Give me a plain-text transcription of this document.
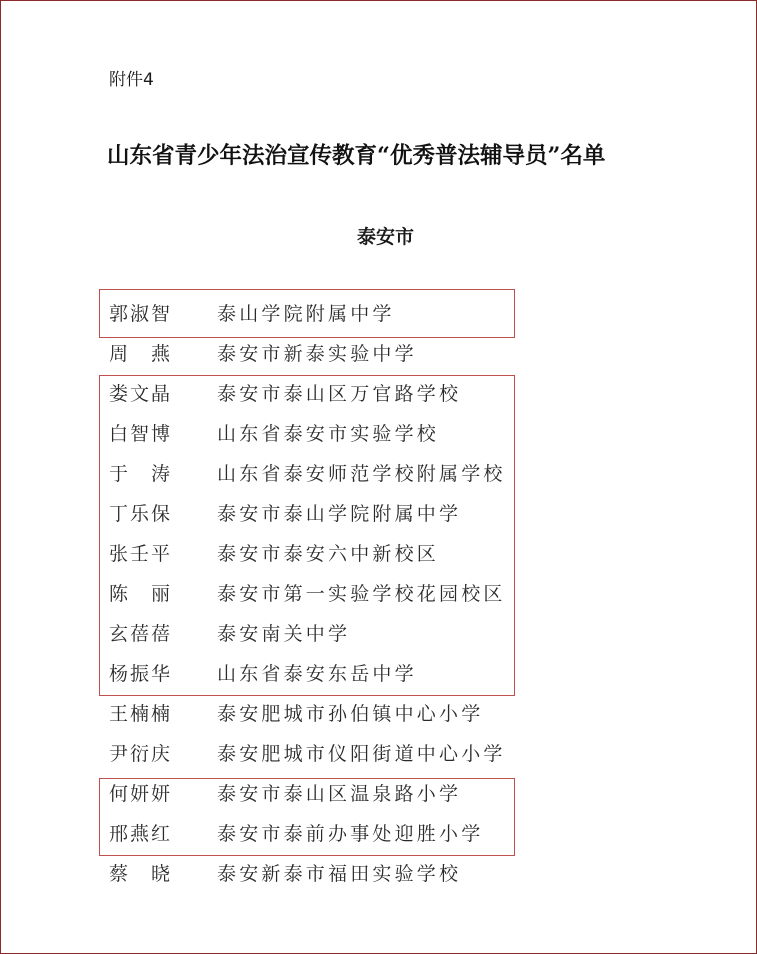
附件4
山东省青少年法治宣传教育“优秀普法辅导员”名单
泰安市
郭淑智 泰山学院附属中学
周　燕 泰安市新泰实验中学
娄文晶 泰安市泰山区万官路学校
白智博 山东省泰安市实验学校
于　涛 山东省泰安师范学校附属学校
丁乐保 泰安市泰山学院附属中学
张壬平 泰安市泰安六中新校区
陈　丽 泰安市第一实验学校花园校区
玄蓓蓓 泰安南关中学
杨振华 山东省泰安东岳中学
王楠楠 泰安肥城市孙伯镇中心小学
尹衍庆 泰安肥城市仪阳街道中心小学
何妍妍 泰安市泰山区温泉路小学
邢燕红 泰安市泰前办事处迎胜小学
蔡　晓 泰安新泰市福田实验学校
